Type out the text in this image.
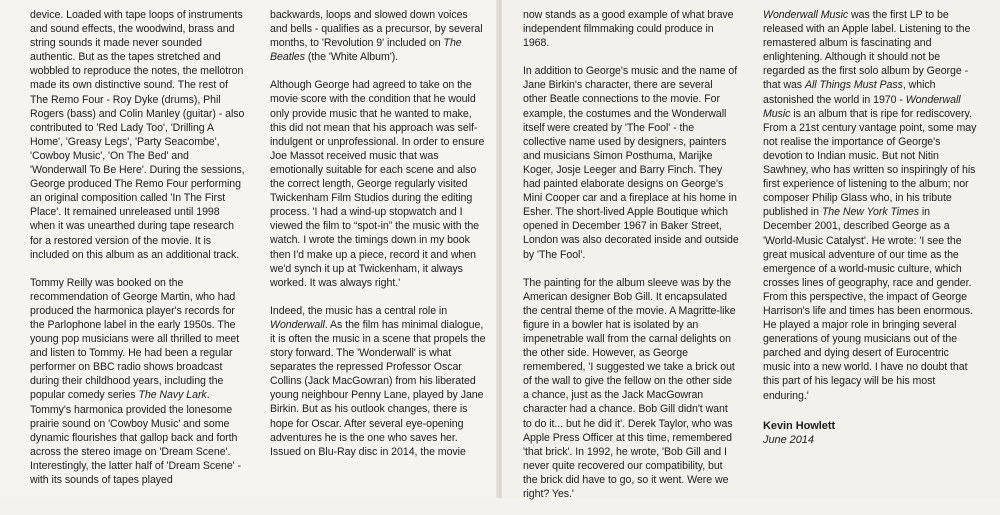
device. Loaded with tape loops of instruments and sound effects, the woodwind, brass and string sounds it made never sounded authentic. But as the tapes stretched and wobbled to reproduce the notes, the mellotron made its own distinctive sound. The rest of The Remo Four - Roy Dyke (drums), Phil Rogers (bass) and Colin Manley (guitar) - also contributed to 'Red Lady Too', 'Drilling A Home', 'Greasy Legs', 'Party Seacombe', 'Cowboy Music', 'On The Bed' and 'Wonderwall To Be Here'. During the sessions, George produced The Remo Four performing an original composition called 'In The First Place'. It remained unreleased until 1998 when it was unearthed during tape research for a restored version of the movie. It is included on this album as an additional track.

Tommy Reilly was booked on the recommendation of George Martin, who had produced the harmonica player's records for the Parlophone label in the early 1950s. The young pop musicians were all thrilled to meet and listen to Tommy. He had been a regular performer on BBC radio shows broadcast during their childhood years, including the popular comedy series The Navy Lark. Tommy's harmonica provided the lonesome prairie sound on 'Cowboy Music' and some dynamic flourishes that gallop back and forth across the stereo image on 'Dream Scene'. Interestingly, the latter half of 'Dream Scene' - with its sounds of tapes played

backwards, loops and slowed down voices and bells - qualifies as a precursor, by several months, to 'Revolution 9' included on The Beatles (the 'White Album').

Although George had agreed to take on the movie score with the condition that he would only provide music that he wanted to make, this did not mean that his approach was self-indulgent or unprofessional. In order to ensure Joe Massot received music that was emotionally suitable for each scene and also the correct length, George regularly visited Twickenham Film Studios during the editing process. 'I had a wind-up stopwatch and I viewed the film to “spot-in” the music with the watch. I wrote the timings down in my book then I'd make up a piece, record it and when we'd synch it up at Twickenham, it always worked. It was always right.'

Indeed, the music has a central role in Wonderwall. As the film has minimal dialogue, it is often the music in a scene that propels the story forward. The 'Wonderwall' is what separates the repressed Professor Oscar Collins (Jack MacGowran) from his liberated young neighbour Penny Lane, played by Jane Birkin. But as his outlook changes, there is hope for Oscar. After several eye-opening adventures he is the one who saves her. Issued on Blu-Ray disc in 2014, the movie

now stands as a good example of what brave independent filmmaking could produce in 1968.

In addition to George's music and the name of Jane Birkin's character, there are several other Beatle connections to the movie. For example, the costumes and the Wonderwall itself were created by 'The Fool' - the collective name used by designers, painters and musicians Simon Posthuma, Marijke Koger, Josje Leeger and Barry Finch. They had painted elaborate designs on George's Mini Cooper car and a fireplace at his home in Esher. The short-lived Apple Boutique which opened in December 1967 in Baker Street, London was also decorated inside and outside by 'The Fool'.

The painting for the album sleeve was by the American designer Bob Gill. It encapsulated the central theme of the movie. A Magritte-like figure in a bowler hat is isolated by an impenetrable wall from the carnal delights on the other side. However, as George remembered, 'I suggested we take a brick out of the wall to give the fellow on the other side a chance, just as the Jack MacGowran character had a chance. Bob Gill didn't want to do it... but he did it'. Derek Taylor, who was Apple Press Officer at this time, remembered 'that brick'. In 1992, he wrote, 'Bob Gill and I never quite recovered our compatibility, but the brick did have to go, so it went. Were we right? Yes.'

Wonderwall Music was the first LP to be released with an Apple label. Listening to the remastered album is fascinating and enlightening. Although it should not be regarded as the first solo album by George - that was All Things Must Pass, which astonished the world in 1970 - Wonderwall Music is an album that is ripe for rediscovery. From a 21st century vantage point, some may not realise the importance of George's devotion to Indian music. But not Nitin Sawhney, who has written so inspiringly of his first experience of listening to the album; nor composer Philip Glass who, in his tribute published in The New York Times in December 2001, described George as a 'World-Music Catalyst'. He wrote: 'I see the great musical adventure of our time as the emergence of a world-music culture, which crosses lines of geography, race and gender. From this perspective, the impact of George Harrison's life and times has been enormous. He played a major role in bringing several generations of young musicians out of the parched and dying desert of Eurocentric music into a new world. I have no doubt that this part of his legacy will be his most enduring.'

Kevin Howlett
June 2014
